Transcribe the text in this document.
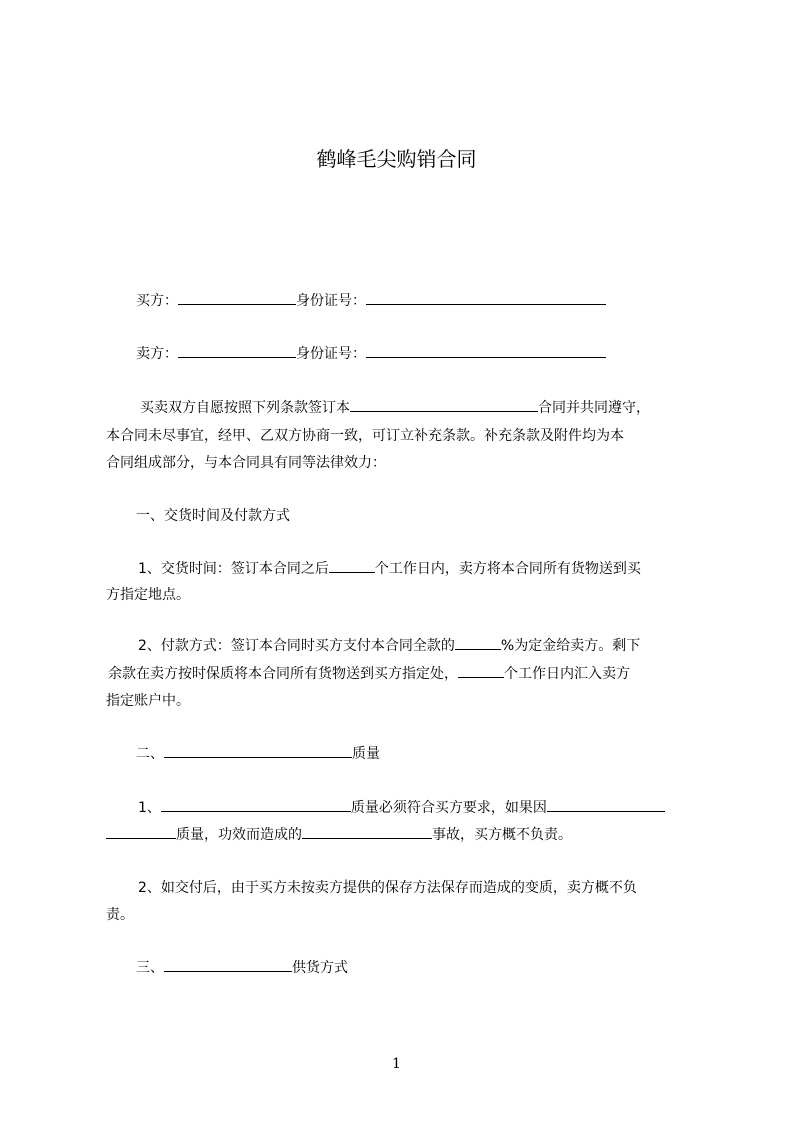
鹤峰毛尖购销合同
买方：	身份证号：
卖方：	身份证号：
买卖双方自愿按照下列条款签订本	合同并共同遵守，
本合同未尽事宜，经甲、乙双方协商一致，可订立补充条款。补充条款及附件均为本
合同组成部分，与本合同具有同等法律效力：
一、交货时间及付款方式
1、交货时间：签订本合同之后	个工作日内，卖方将本合同所有货物送到买
方指定地点。
2、付款方式：签订本合同时买方支付本合同全款的	%为定金给卖方。剩下
余款在卖方按时保质将本合同所有货物送到买方指定处，	个工作日内汇入卖方
指定账户中。
二、	质量
1、	质量必须符合买方要求，如果因
质量，功效而造成的	事故，买方概不负责。
2、如交付后，由于买方未按卖方提供的保存方法保存而造成的变质，卖方概不负
责。
三、	供货方式
1
